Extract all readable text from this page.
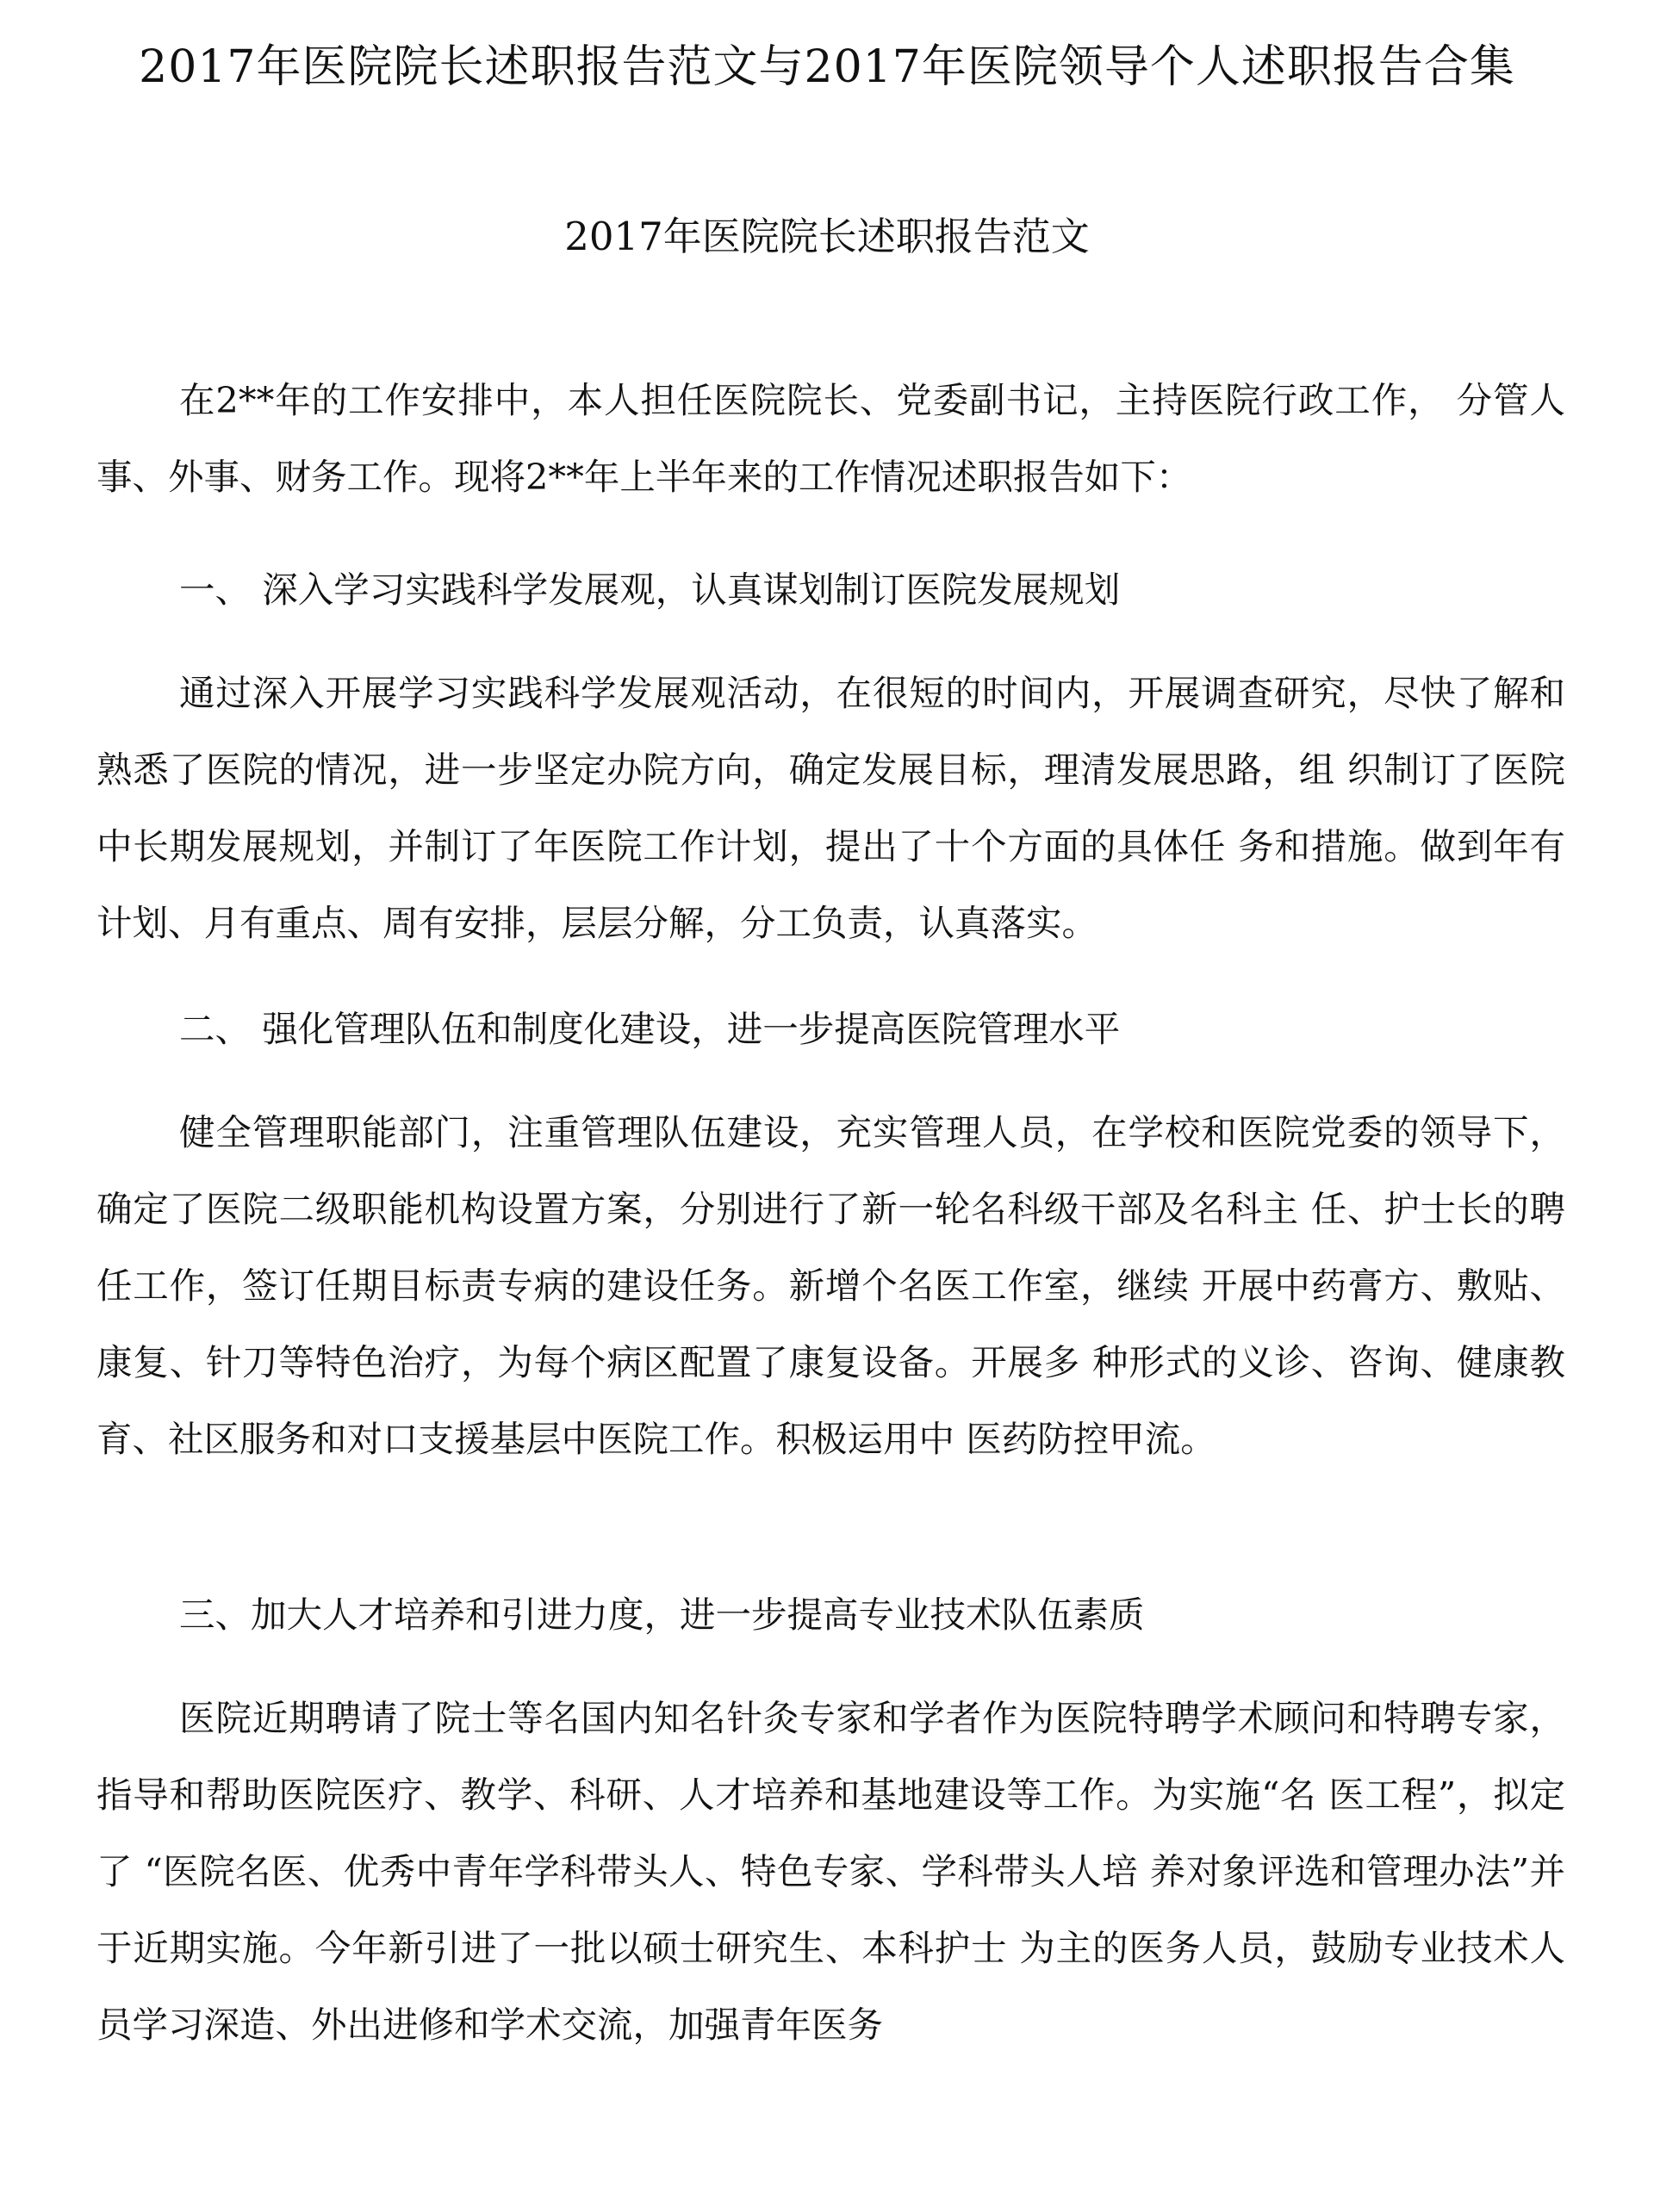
2017年医院院长述职报告范文与2017年医院领导个人述职报告合集
2017年医院院长述职报告范文

在2**年的工作安排中，本人担任医院院长、党委副书记，主持医院行政工作， 分管人事、外事、财务工作。现将2**年上半年来的工作情况述职报告如下：

一、 深入学习实践科学发展观，认真谋划制订医院发展规划

通过深入开展学习实践科学发展观活动，在很短的时间内，开展调查研究，尽快了解和熟悉了医院的情况，进一步坚定办院方向，确定发展目标，理清发展思路，组 织制订了医院中长期发展规划，并制订了年医院工作计划，提出了十个方面的具体任 务和措施。做到年有计划、月有重点、周有安排，层层分解，分工负责，认真落实。

二、 强化管理队伍和制度化建设，进一步提高医院管理水平

健全管理职能部门，注重管理队伍建设，充实管理人员，在学校和医院党委的领导下，确定了医院二级职能机构设置方案，分别进行了新一轮名科级干部及名科主 任、护士长的聘任工作，签订任期目标责专病的建设任务。新增个名医工作室，继续 开展中药膏方、敷贴、康复、针刀等特色治疗，为每个病区配置了康复设备。开展多 种形式的义诊、咨询、健康教育、社区服务和对口支援基层中医院工作。积极运用中 医药防控甲流。

三、加大人才培养和引进力度，进一步提高专业技术队伍素质

医院近期聘请了院士等名国内知名针灸专家和学者作为医院特聘学术顾问和特聘专家，指导和帮助医院医疗、教学、科研、人才培养和基地建设等工作。为实施“名 医工程”，拟定了 “医院名医、优秀中青年学科带头人、特色专家、学科带头人培 养对象评选和管理办法”并于近期实施。今年新引进了一批以硕士研究生、本科护士 为主的医务人员，鼓励专业技术人员学习深造、外出进修和学术交流，加强青年医务
